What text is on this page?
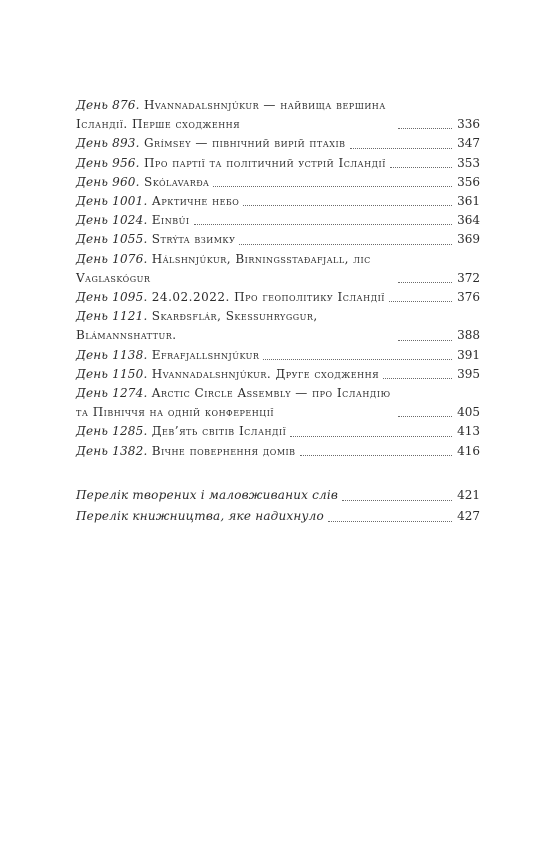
День 876. Hvannadalshnjúkur — найвища вершина Ісландії. Перше сходження	336
День 893. Grímsey — північний вирій птахів	347
День 956. Про партії та політичний устрій Ісландії	353
День 960. Skólavarða	356
День 1001. Арктичне небо	361
День 1024. Einbúi	364
День 1055. Strýta взимку	369
День 1076. Hálshnjúkur, Birningsstaðafjall, ліс Vaglaskógur	372
День 1095. 24.02.2022. Про геополітику Ісландії	376
День 1121. Skarðsflár, Skessuhryggur, Blámannshattur.	388
День 1138. Efrafjallshnjúkur	391
День 1150. Hvannadalshnjúkur. Друге сходження	395
День 1274. Arctic Circle Assembly — про Ісландію та Півнiччя на одній конференції	405
День 1285. Дев’ять світів Ісландії	413
День 1382. Вічне повернення домів	416
Перелік творених і маловживаних слів	421
Перелік книжництва, яке надихнуло	427
